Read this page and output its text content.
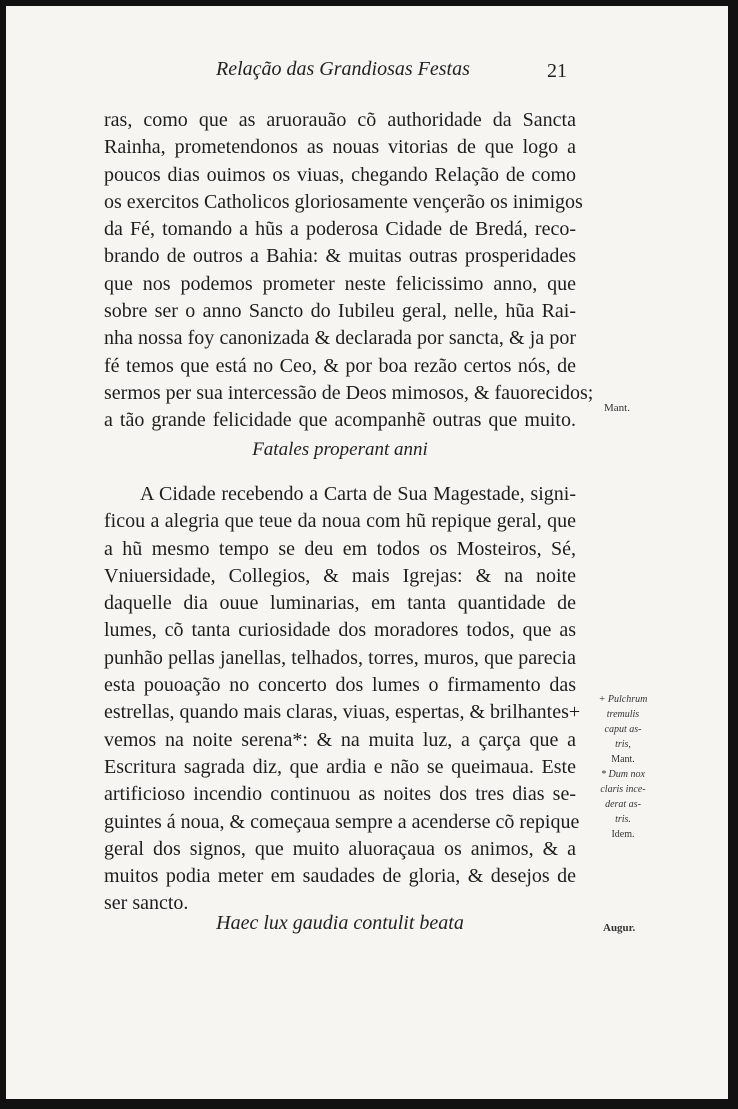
Relação das Grandiosas Festas	21
ras, como que as aruorauão cõ authoridade da Sancta
Rainha, prometendonos as nouas vitorias de que logo a
poucos dias ouimos os viuas, chegando Relação de como
os exercitos Catholicos gloriosamente vençerão os inimigos
da Fé, tomando a hũs a poderosa Cidade de Bredá, reco-
brando de outros a Bahia: & muitas outras prosperidades
que nos podemos prometer neste felicissimo anno, que
sobre ser o anno Sancto do Iubileu geral, nelle, hũa Rai-
nha nossa foy canonizada & declarada por sancta, & ja por
fé temos que está no Ceo, & por boa rezão certos nós, de
sermos per sua intercessão de Deos mimosos, & fauorecidos;
a tão grande felicidade que acompanhẽ outras que muito.
Fatales properant anni
A Cidade recebendo a Carta de Sua Magestade, signi-
ficou a alegria que teue da noua com hũ repique geral, que
a hũ mesmo tempo se deu em todos os Mosteiros, Sé,
Vniuersidade, Collegios, & mais Igrejas: & na noite
daquelle dia ouue luminarias, em tanta quantidade de
lumes, cõ tanta curiosidade dos moradores todos, que as
punhão pellas janellas, telhados, torres, muros, que parecia
esta pouoação no concerto dos lumes o firmamento das
estrellas, quando mais claras, viuas, espertas, & brilhantes+
vemos na noite serena*: & na muita luz, a çarça que a
Escritura sagrada diz, que ardia e não se queimaua. Este
artificioso incendio continuou as noites dos tres dias se-
guintes á noua, & começaua sempre a acenderse cõ repique
geral dos signos, que muito aluoraçaua os animos, & a
muitos podia meter em saudades de gloria, & desejos de
ser sancto.
Haec lux gaudia contulit beata
Mant.
+ Pulchrum
tremulis
caput as-
tris,
Mant.
* Dum nox
claris ince-
derat as-
tris.
Idem.
Augur.
